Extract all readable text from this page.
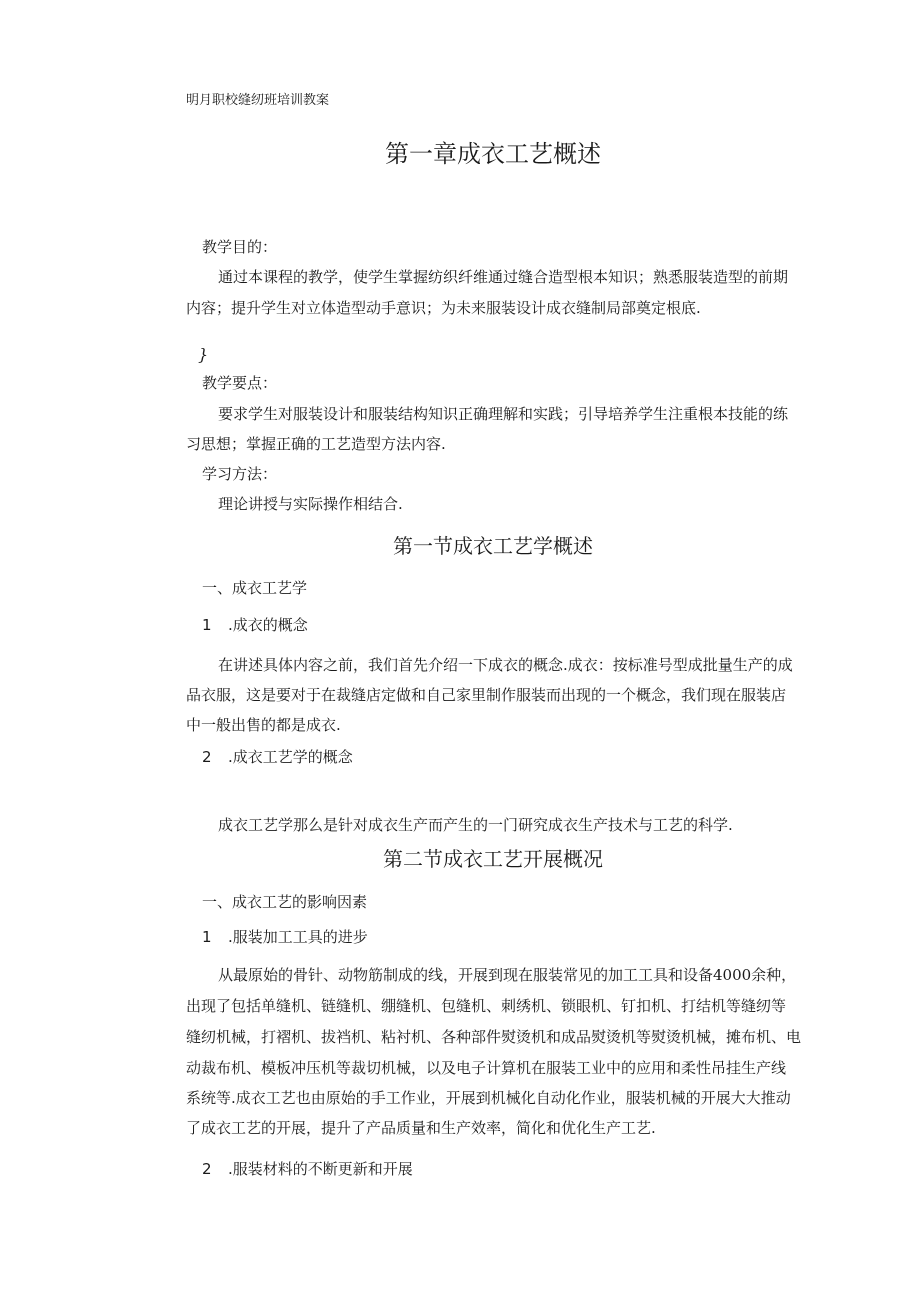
明月职校缝纫班培训教案
第一章成衣工艺概述
教学目的：
通过本课程的教学，使学生掌握纺织纤维通过缝合造型根本知识；熟悉服装造型的前期
内容；提升学生对立体造型动手意识；为未来服装设计成衣缝制局部奠定根底.
}
教学要点：
要求学生对服装设计和服装结构知识正确理解和实践；引导培养学生注重根本技能的练
习思想；掌握正确的工艺造型方法内容.
学习方法：
理论讲授与实际操作相结合.
第一节成衣工艺学概述
一、成衣工艺学
1 .成衣的概念
在讲述具体内容之前，我们首先介绍一下成衣的概念.成衣：按标准号型成批量生产的成
品衣服，这是要对于在裁缝店定做和自己家里制作服装而出现的一个概念，我们现在服装店
中一般出售的都是成衣.
2 .成衣工艺学的概念
成衣工艺学那么是针对成衣生产而产生的一门研究成衣生产技术与工艺的科学.
第二节成衣工艺开展概况
一、成衣工艺的影响因素
1 .服装加工工具的进步
从最原始的骨针、动物筋制成的线，开展到现在服装常见的加工工具和设备4000余种，
出现了包括单缝机、链缝机、绷缝机、包缝机、刺绣机、锁眼机、钉扣机、打结机等缝纫等
缝纫机械，打褶机、拔裆机、粘衬机、各种部件熨烫机和成品熨烫机等熨烫机械，摊布机、电
动裁布机、模板冲压机等裁切机械，以及电子计算机在服装工业中的应用和柔性吊挂生产线
系统等.成衣工艺也由原始的手工作业，开展到机械化自动化作业，服装机械的开展大大推动
了成衣工艺的开展，提升了产品质量和生产效率，简化和优化生产工艺.
2 .服装材料的不断更新和开展
